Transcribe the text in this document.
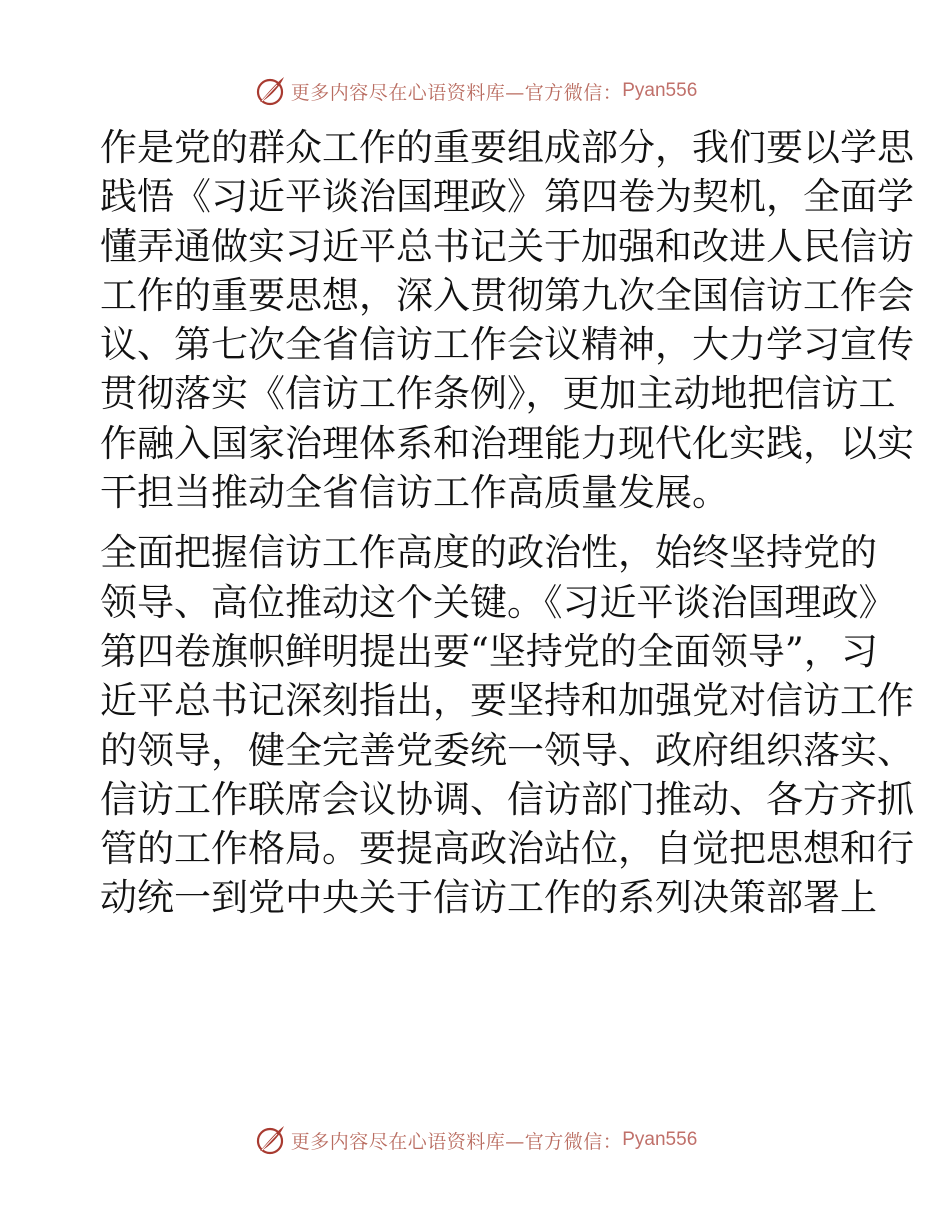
更多内容尽在心语资料库—官方微信： Pyan556
作是党的群众工作的重要组成部分，我们要以学思
践悟《习近平谈治国理政》第四卷为契机，全面学
懂弄通做实习近平总书记关于加强和改进人民信访
工作的重要思想，深入贯彻第九次全国信访工作会
议、第七次全省信访工作会议精神，大力学习宣传
贯彻落实《信访工作条例》，更加主动地把信访工
作融入国家治理体系和治理能力现代化实践，以实
干担当推动全省信访工作高质量发展。
全面把握信访工作高度的政治性，始终坚持党的
领导、高位推动这个关键。《习近平谈治国理政》
第四卷旗帜鲜明提出要“坚持党的全面领导”，习
近平总书记深刻指出，要坚持和加强党对信访工作
的领导，健全完善党委统一领导、政府组织落实、
信访工作联席会议协调、信访部门推动、各方齐抓
管的工作格局。要提高政治站位，自觉把思想和行
动统一到党中央关于信访工作的系列决策部署上
更多内容尽在心语资料库—官方微信： Pyan556
